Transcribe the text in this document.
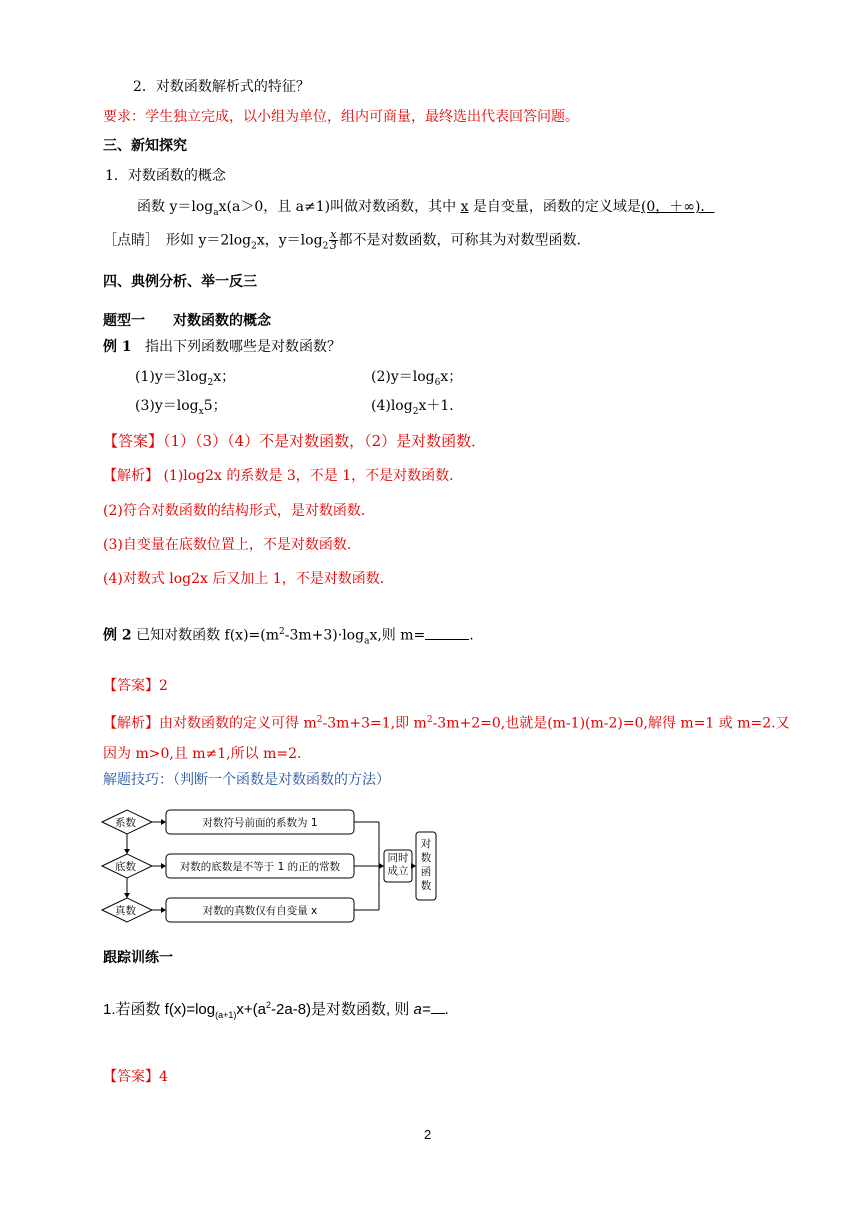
2．对数函数解析式的特征？
要求：学生独立完成，以小组为单位，组内可商量，最终选出代表回答问题。
三、新知探究
1．对数函数的概念
函数 $y=\log_ax(a>0$，且 a≠1)叫做对数函数，其中 x 是自变量，函数的定义域是(0，＋∞)．
［点睛］　形如 $y=2\log_2x$，$y=\log_2 \frac{x}{3}$ 都不是对数函数，可称其为对数型函数．
四、典例分析、举一反三
题型一　　对数函数的概念
例 1 指出下列函数哪些是对数函数？
$(1)y=3\log_2x$；	$(2)y=\log_6x$；
$(3)y=\log_x5$；	$(4)\log_2x+1$．
【答案】（1）（3）（4）不是对数函数，（2）是对数函数．
【解析】 (1)log2x 的系数是 3，不是 1，不是对数函数．
(2)符合对数函数的结构形式，是对数函数．
(3)自变量在底数位置上，不是对数函数．
(4)对数式 log2x 后又加上 1，不是对数函数．
例 2 已知对数函数 $f(x)=(m^2-3m+3)\cdot\log_ax$,则 m=	.
【答案】2
【解析】由对数函数的定义可得 $m^2-3m+3=1$,即 $m^2-3m+2=0$,也就是(m-1)(m-2)=0,解得 m=1 或 m=2.又
因为 m>0,且 m≠1,所以 m=2.
解题技巧：（判断一个函数是对数函数的方法）
系数
底数
真数
对数符号前面的系数为 1
对数的底数是不等于 1 的正的常数
对数的真数仅有自变量 x
同时成立
对数函数
跟踪训练一
1.若函数 $f(x)=\log_{(a+1)}x+(a^2-2a-8)$是对数函数, 则 a= .
【答案】4
2
